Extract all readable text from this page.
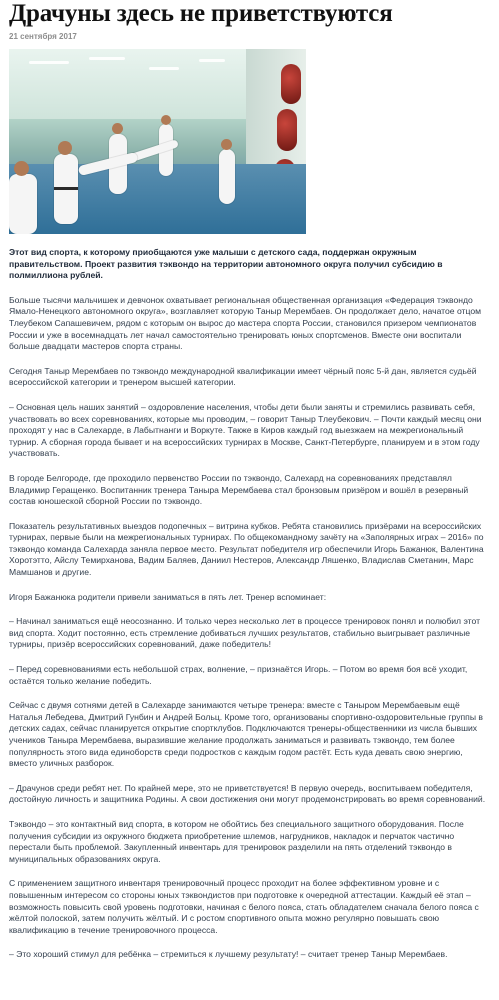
Драчуны здесь не приветствуются
21 сентября 2017
Этот вид спорта, к которому приобщаются уже малыши с детского сада, поддержан окружным правительством. Проект развития тэквондо на территории автономного округа получил субсидию в полмиллиона рублей.

Больше тысячи мальчишек и девчонок охватывает региональная общественная организация «Федерация тэквондо Ямало-Ненецкого автономного округа», возглавляет которую Таныр Мерембаев. Он продолжает дело, начатое отцом Тлеубеком Сапашевичем, рядом с которым он вырос до мастера спорта России, становился призером чемпионатов России и уже в восемнадцать лет начал самостоятельно тренировать юных спортсменов. Вместе они воспитали больше двадцати мастеров спорта страны.

Сегодня Таныр Мерембаев по тэквондо международной квалификации имеет чёрный пояс 5-й дан, является судьёй всероссийской категории и тренером высшей категории.

– Основная цель наших занятий – оздоровление населения, чтобы дети были заняты и стремились развивать себя, участвовать во всех соревнованиях, которые мы проводим, – говорит Таныр Тлеубекович. – Почти каждый месяц они проходят у нас в Салехарде, в Лабытнанги и Воркуте. Также в Киров каждый год выезжаем на межрегиональный турнир. А сборная города бывает и на всероссийских турнирах в Москве, Санкт-Петербурге, планируем и в этом году участвовать.

В городе Белгороде, где проходило первенство России по тэквондо, Салехард на соревнованиях представлял Владимир Геращенко. Воспитанник тренера Таныра Мерембаева стал бронзовым призёром и вошёл в резервный состав юношеской сборной России по тэквондо.

Показатель результативных выездов подопечных – витрина кубков. Ребята становились призёрами на всероссийских турнирах, первые были на межрегиональных турнирах. По общекомандному зачёту на «Заполярных играх – 2016» по тэквондо команда Салехарда заняла первое место. Результат победителя игр обеспечили Игорь Бажанюк, Валентина Хоротэтто, Айслу Темирханова, Вадим Баляев, Даниил Нестеров, Александр Ляшенко, Владислав Сметанин, Марс Мамшанов и другие.

Игоря Бажанюка родители привели заниматься в пять лет. Тренер вспоминает:

– Начинал заниматься ещё неосознанно. И только через несколько лет в процессе тренировок понял и полюбил этот вид спорта. Ходит постоянно, есть стремление добиваться лучших результатов, стабильно выигрывает различные турниры, призёр всероссийских соревнований, даже победитель!

– Перед соревнованиями есть небольшой страх, волнение, – признаётся Игорь. – Потом во время боя всё уходит, остаётся только желание победить.

Сейчас с двумя сотнями детей в Салехарде занимаются четыре тренера: вместе с Таныром Мерембаевым ещё Наталья Лебедева, Дмитрий Гунбин и Андрей Больц. Кроме того, организованы спортивно-оздоровительные группы в детских садах, сейчас планируется открытие спортклубов. Подключаются тренеры-общественники из числа бывших учеников Таныра Мерембаева, выразившие желание продолжать заниматься и развивать тэквондо, тем более популярность этого вида единоборств среди подростков с каждым годом растёт. Есть куда девать свою энергию, вместо уличных разборок.

– Драчунов среди ребят нет. По крайней мере, это не приветствуется! В первую очередь, воспитываем победителя, достойную личность и защитника Родины. А свои достижения они могут продемонстрировать во время соревнований.

Тэквондо – это контактный вид спорта, в котором не обойтись без специального защитного оборудования. После получения субсидии из окружного бюджета приобретение шлемов, нагрудников, накладок и перчаток частично перестали быть проблемой. Закупленный инвентарь для тренировок разделили на пять отделений тэквондо в муниципальных образованиях округа.

С применением защитного инвентаря тренировочный процесс проходит на более эффективном уровне и с повышенным интересом со стороны юных тэквондистов при подготовке к очередной аттестации. Каждый её этап – возможность повысить свой уровень подготовки, начиная с белого пояса, стать обладателем сначала белого пояса с жёлтой полоской, затем получить жёлтый. И с ростом спортивного опыта можно регулярно повышать свою квалификацию в течение тренировочного процесса.

– Это хороший стимул для ребёнка – стремиться к лучшему результату! – считает тренер Таныр Мерембаев.
